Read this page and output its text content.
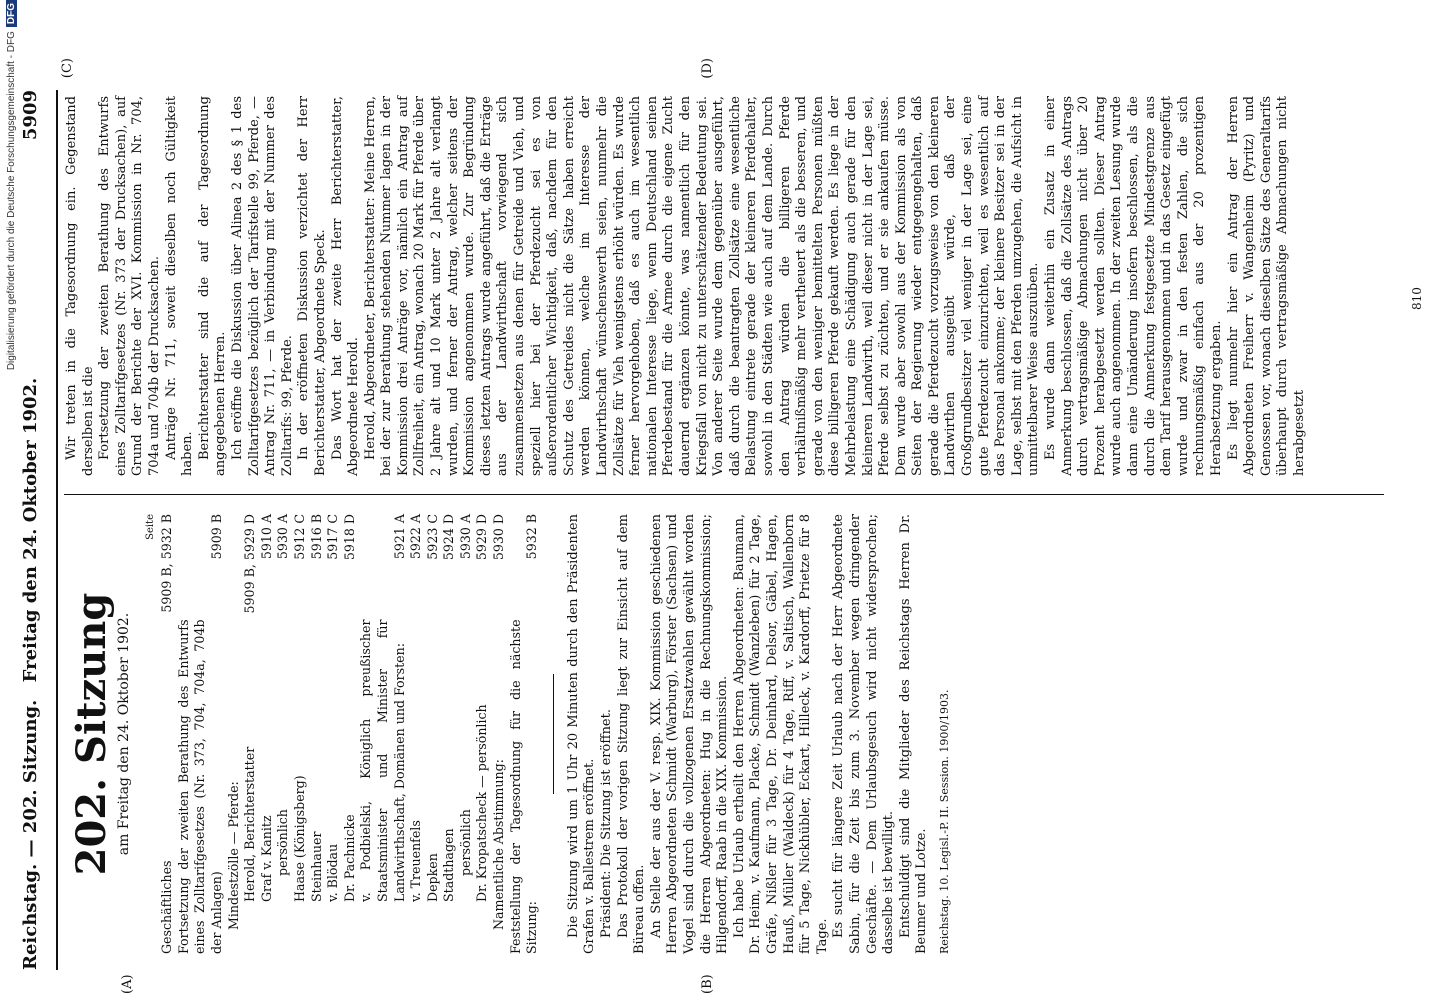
Reichstag. — 202. Sitzung.
Freitag den 24. Oktober 1902.
5909
(A)	(B)
(C)	(D)
202. Sitzung am Freitag den 24. Oktober 1902.
Seite
Geschäftliches	5909 B, 5932 B
Fortsetzung der zweiten Berathung des Entwurfs eines Zolltarifgesetzes (Nr. 373, 704, 704a, 704b der Anlagen)	5909 B
Mindestzölle — Pferde:	
Herold, Berichterstatter	5909 B, 5929 D
Graf v. Kanitz	5910 A
persönlich	5930 A
Haase (Königsberg)	5912 C
Steinhauer	5916 B
v. Blödau	5917 C
Dr. Pachnicke	5918 D
v. Podbielski, Königlich preußischer Staatsminister und Minister für Landwirthschaft, Domänen und Forsten:	5921 A
v. Treuenfels	5922 A
Depken	5923 C
Stadthagen	5924 D
persönlich	5930 A
Dr. Kropatscheck — persönlich	5929 D
Namentliche Abstimmung:	5930 D
Feststellung der Tagesordnung für die nächste Sitzung:	5932 B Die Sitzung wird um 1 Uhr 20 Minuten durch den Präsidenten Grafen v. Ballestrem eröffnet. Präsident: Die Sitzung ist eröffnet. Das Protokoll der vorigen Sitzung liegt zur Einsicht auf dem Büreau offen. An Stelle der aus der V. resp. XIX. Kommission geschiedenen Herren Abgeordneten Schmidt (Warburg), Förster (Sachsen) und Vogel sind durch die vollzogenen Ersatzwahlen gewählt worden die Herren Abgeordneten: Hug in die Rechnungskommission; Hilgendorff, Raab in die XIX. Kommission. Ich habe Urlaub ertheilt den Herren Abgeordneten: Baumann, Dr. Heim, v. Kaufmann, Placke, Schmidt (Wanzleben) für 2 Tage, Gräfe, Nißler für 3 Tage, Dr. Deinhard, Delsor, Gäbel, Hagen, Hauß, Müller (Waldeck) für 4 Tage, Riff, v. Saltisch, Wallenborn für 5 Tage, Nickhübler, Eckart, Hilleck, v. Kardorff, Prietze für 8 Tage. Es sucht für längere Zeit Urlaub nach der Herr Abgeordnete Sabin, für die Zeit bis zum 3. November wegen dringender Geschäfte. — Dem Urlaubsgesuch wird nicht widersprochen; dasselbe ist bewilligt. Entschuldigt sind die Mitglieder des Reichstags Herren Dr. Beumer und Lotze. Reichstag. 10. Legisl.-P. II. Session. 1900/1903.

Wir treten in die Tagesordnung ein. Gegenstand derselben ist die Fortsetzung der zweiten Berathung des Entwurfs eines Zolltarifgesetzes (Nr. 373 der Drucksachen), auf Grund der Berichte der XVI. Kommission in Nr. 704, 704a und 704b der Drucksachen. Anträge Nr. 711, soweit dieselben noch Gültigkeit haben. Berichterstatter sind die auf der Tagesordnung angegebenen Herren. Ich eröffne die Diskussion über Alinea 2 des § 1 des Zolltarifgesetzes bezüglich der Tarifstelle 99, Pferde, — Antrag Nr. 711, — in Verbindung mit der Nummer des Zolltarifs: 99, Pferde. In der eröffneten Diskussion verzichtet der Herr Berichterstatter, Abgeordnete Speck. Das Wort hat der zweite Herr Berichterstatter, Abgeordnete Herold. Herold, Abgeordneter, Berichterstatter: Meine Herren, bei der zur Berathung stehenden Nummer lagen in der Kommission drei Anträge vor, nämlich ein Antrag auf Zollfreiheit, ein Antrag, wonach 20 Mark für Pferde über 2 Jahre alt und 10 Mark unter 2 Jahre alt verlangt wurden, und ferner der Antrag, welcher seitens der Kommission angenommen wurde. Zur Begründung dieses letzten Antrags wurde angeführt, daß die Erträge aus der Landwirthschaft vorwiegend sich zusammensetzen aus denen für Getreide und Vieh, und speziell hier bei der Pferdezucht sei es von außerordentlicher Wichtigkeit, daß, nachdem für den Schutz des Getreides nicht die Sätze haben erreicht werden können, welche im Interesse der Landwirthschaft wünschenswerth seien, nunmehr die Zollsätze für Vieh wenigstens erhöht würden. Es wurde ferner hervorgehoben, daß es auch im wesentlich nationalen Interesse liege, wenn Deutschland seinen Pferdebestand für die Armee durch die eigene Zucht dauernd ergänzen könnte, was namentlich für den Kriegsfall von nicht zu unterschätzender Bedeutung sei. Von anderer Seite wurde dem gegenüber ausgeführt, daß durch die beantragten Zollsätze eine wesentliche Belastung eintrete gerade der kleineren Pferdehalter, sowohl in den Städten wie auch auf dem Lande. Durch den Antrag würden die billigeren Pferde verhältnißmäßig mehr vertheuert als die besseren, und gerade von den weniger bemittelten Personen müßten diese billigeren Pferde gekauft werden. Es liege in der Mehrbelastung eine Schädigung auch gerade für den kleineren Landwirth, weil dieser nicht in der Lage sei, Pferde selbst zu züchten, und er sie ankaufen müsse. Dem wurde aber sowohl aus der Kommission als von Seiten der Regierung wieder entgegengehalten, daß gerade die Pferdezucht vorzugsweise von den kleineren Landwirthen ausgeübt würde, daß der Großgrundbesitzer viel weniger in der Lage sei, eine gute Pferdezucht einzurichten, weil es wesentlich auf das Personal ankomme; der kleinere Besitzer sei in der Lage, selbst mit den Pferden umzugehen, die Aufsicht in unmittelbarer Weise auszuüben. Es wurde dann weiterhin ein Zusatz in einer Anmerkung beschlossen, daß die Zollsätze des Antrags durch vertragsmäßige Abmachungen nicht über 20 Prozent herabgesetzt werden sollten. Dieser Antrag wurde auch angenommen. In der zweiten Lesung wurde dann eine Umänderung insofern beschlossen, als die durch die Anmerkung festgesetzte Mindestgrenze aus dem Tarif herausgenommen und in das Gesetz eingefügt wurde und zwar in den festen Zahlen, die sich rechnungsmäßig einfach aus der 20 prozentigen Herabsetzung ergaben. Es liegt nunmehr hier ein Antrag der Herren Abgeordneten Freiherr v. Wangenheim (Pyritz) und Genossen vor, wonach dieselben Sätze des Generaltarifs überhaupt durch vertragsmäßige Abmachungen nicht herabgesetzt

810
Digitalisierung gefördert durch die Deutsche Forschungsgemeinschaft - DFGDFG
